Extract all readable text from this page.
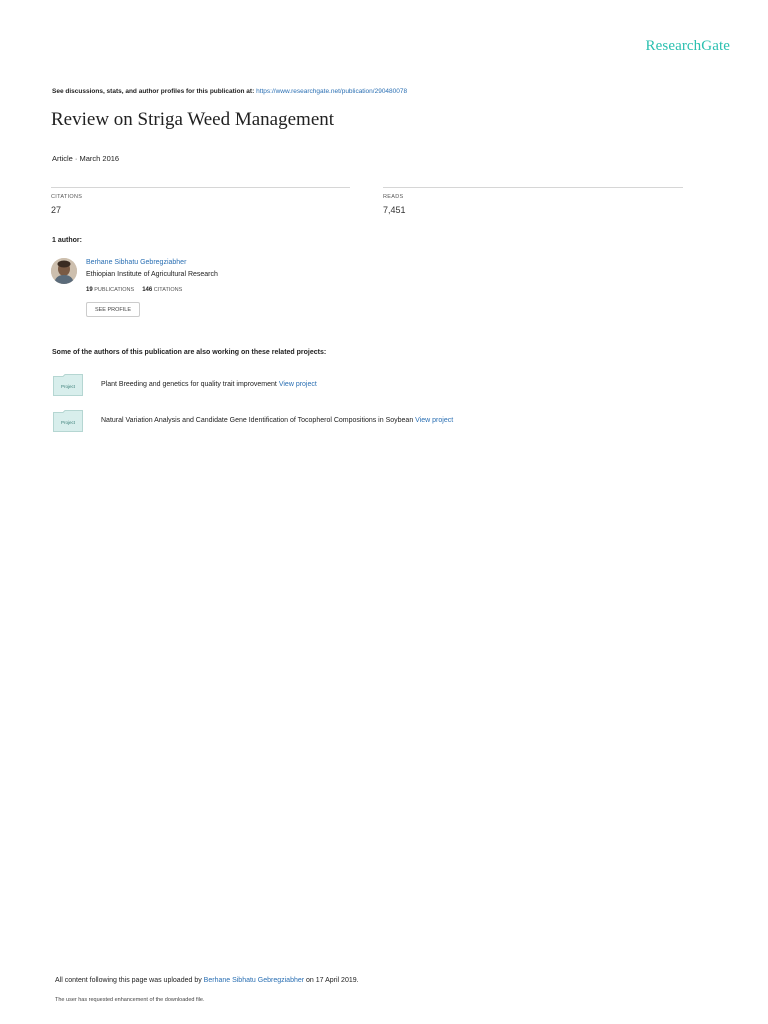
ResearchGate
See discussions, stats, and author profiles for this publication at: https://www.researchgate.net/publication/290480078
Review on Striga Weed Management
Article · March 2016
CITATIONS
27
READS
7,451
1 author:
Berhane Sibhatu Gebregziabher
Ethiopian Institute of Agricultural Research
19 PUBLICATIONS 146 CITATIONS
SEE PROFILE
Some of the authors of this publication are also working on these related projects:
Project	Plant Breeding and genetics for quality trait improvement View project
Project	Natural Variation Analysis and Candidate Gene Identification of Tocopherol Compositions in Soybean View project
All content following this page was uploaded by Berhane Sibhatu Gebregziabher on 17 April 2019.
The user has requested enhancement of the downloaded file.
